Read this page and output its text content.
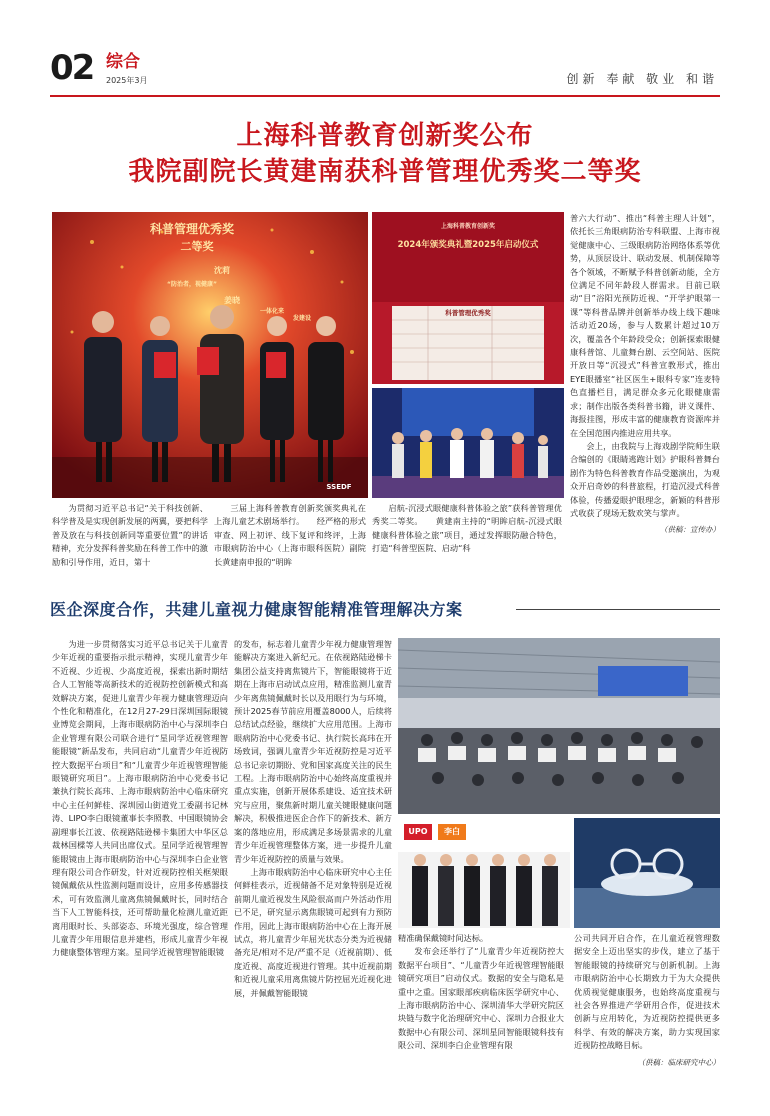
02 综合
2025年3月	创新 奉献 敬业 和谐
上海科普教育创新奖公布
我院副院长黄建南获科普管理优秀奖二等奖
科普管理优秀奖
二等奖
沈莉
“防治者，视健康”
姜晓
一体化来
发建设
SSEDF
上海科普教育创新奖
2024年颁奖典礼暨2025年启动仪式
科普管理优秀奖

为贯彻习近平总书记“关于科技创新、科学普及是实现创新发展的两翼，要把科学普及放在与科技创新同等重要位置”的讲话精神，充分发挥科普奖励在科普工作中的激励和引导作用，近日，第十

三届上海科普教育创新奖颁奖典礼在上海儿童艺术剧场举行。　　经严格的形式审查、网上初评、线下复评和终评，上海市眼病防治中心（上海市眼科医院）副院长黄建南申报的“明眸

启航-沉浸式眼健康科普体验之旅”获科普管理优秀奖二等奖。　　黄建南主持的“明眸启航-沉浸式眼健康科普体验之旅”项目，通过发挥眼防融合特色，打造“科普型医院、启动“科

普六大行动”、推出“科普主理人计划”，依托长三角眼病防治专科联盟、上海市视觉健康中心、三级眼病防治网络体系等优势，从顶层设计、联动发展、机制保障等各个领域，不断赋予科普创新动能，全方位满足不同年龄段人群需求。目前已联动“目”浴阳光预防近视、“开学护眼第一课”等科普品牌并创新举办线上线下趣味活动近20场，参与人数累计超过10万次，覆盖各个年龄段受众；创新探索眼健康科普馆、儿童舞台剧、云空间站、医院开放日等“沉浸式”科普宣教形式，推出EYE眼播室“社区医生+眼科专家”连麦特色直播栏目，满足群众多元化眼健康需求；制作出版各类科普书籍，讲义课件、海报挂图，形成丰富的健康教育资源库并在全国范围内推进应用共享。

会上，由我院与上海戏剧学院师生联合编创的《眼睛逃跑计划》护眼科普舞台剧作为特色科普教育作品受邀演出，为观众开启奇妙的科普旅程，打造沉浸式科普体验，传播爱眼护眼理念，新颖的科普形式收获了现场无数欢笑与掌声。

（供稿：宣传办）

医企深度合作，共建儿童视力健康智能精准管理解决方案

为进一步贯彻落实习近平总书记关于儿童青少年近视的重要指示批示精神，实现儿童青少年不近视、少近视、少高度近视，探索出新时期结合人工智能等高新技术的近视防控创新模式和高效解决方案，促进儿童青少年视力健康管理迈向个性化和精准化，在12月27-29日深圳国际眼镜业博览会期间，上海市眼病防治中心与深圳李白企业管理有限公司联合进行“星同学近视管理智能眼镜”新品发布，共同启动“儿童青少年近视防控大数据平台项目”和“儿童青少年近视管理智能眼镜研究项目”。上海市眼病防治中心党委书记兼执行院长高玮、上海市眼病防治中心临床研究中心主任何鲜桂、深圳园山街道党工委副书记林涛、LIPO李白眼镜董事长李照教、中国眼镜协会副理事长江波、依视路陆逊梯卡集团大中华区总裁林国樑等人共同出席仪式。星同学近视管理智能眼镜由上海市眼病防治中心与深圳李白企业管理有限公司合作研发，针对近视防控相关框架眼镜佩戴依从性监测问题而设计，应用多传感器技术，可有效监测儿童离焦镜佩戴时长，同时结合当下人工智能科技，还可帮助量化检测儿童近距离用眼时长、头部姿态、环境光强度，综合管理儿童青少年用眼信息并建档，形成儿童青少年视力健康整体管理方案。星同学近视管理智能眼镜

的发布，标志着儿童青少年视力健康管理智能解决方案进入新纪元。在依视路陆逊梯卡集团公益支持离焦镜片下，智能眼镜将于近期在上海市启动试点应用，精准监测儿童青少年离焦镜佩戴时长以及用眼行为与环境，预计2025春节前应用覆盖8000人，后续将总结试点经验，继续扩大应用范围。上海市眼病防治中心党委书记、执行院长高玮在开场致词，强调儿童青少年近视防控是习近平总书记亲切期盼、党和国家高度关注的民生工程。上海市眼病防治中心始终高度重视并重点实施，创新开展体系建设、适宜技术研究与应用，聚焦新时期儿童关键眼健康问题解决，积极推进医企合作下的新技术、新方案的落地应用，形成满足多场景需求的儿童青少年近视管理整体方案，进一步提升儿童青少年近视防控的质量与效果。

上海市眼病防治中心临床研究中心主任何鲜桂表示，近视储备不足对象特别是近视前期儿童近视发生风险很高而户外活动作用已不足，研究显示离焦眼镜可起到有力预防作用，因此上海市眼病防治中心在上海开展试点，将儿童青少年屈光状态分类为近视储备充足/相对不足/严重不足（近视前期）、低度近视、高度近视进行管理。其中近视前期和近视儿童采用离焦镜片防控屈光近视化进展，并佩戴智能眼镜

UPO	李白

精准确保戴镜时间达标。

发布会还举行了“儿童青少年近视防控大数据平台项目”、“儿童青少年近视管理智能眼镜研究项目”启动仪式。数据的安全与隐私是重中之重。国家眼部疾病临床医学研究中心、上海市眼病防治中心、深圳清华大学研究院区块链与数字化治理研究中心、深圳力合报业大数据中心有限公司、深圳星同智能眼镜科技有限公司、深圳李白企业管理有限

公司共同开启合作，在儿童近视管理数据安全上迈出坚实的步伐，建立了基于智能眼镜的持续研究与创新机制。上海市眼病防治中心长期致力于为大众提供优质视觉健康服务，也始终高度重视与社会各界推进产学研用合作，促进技术创新与应用转化，为近视防控提供更多科学、有效的解决方案，助力实现国家近视防控战略目标。

（供稿：临床研究中心）
